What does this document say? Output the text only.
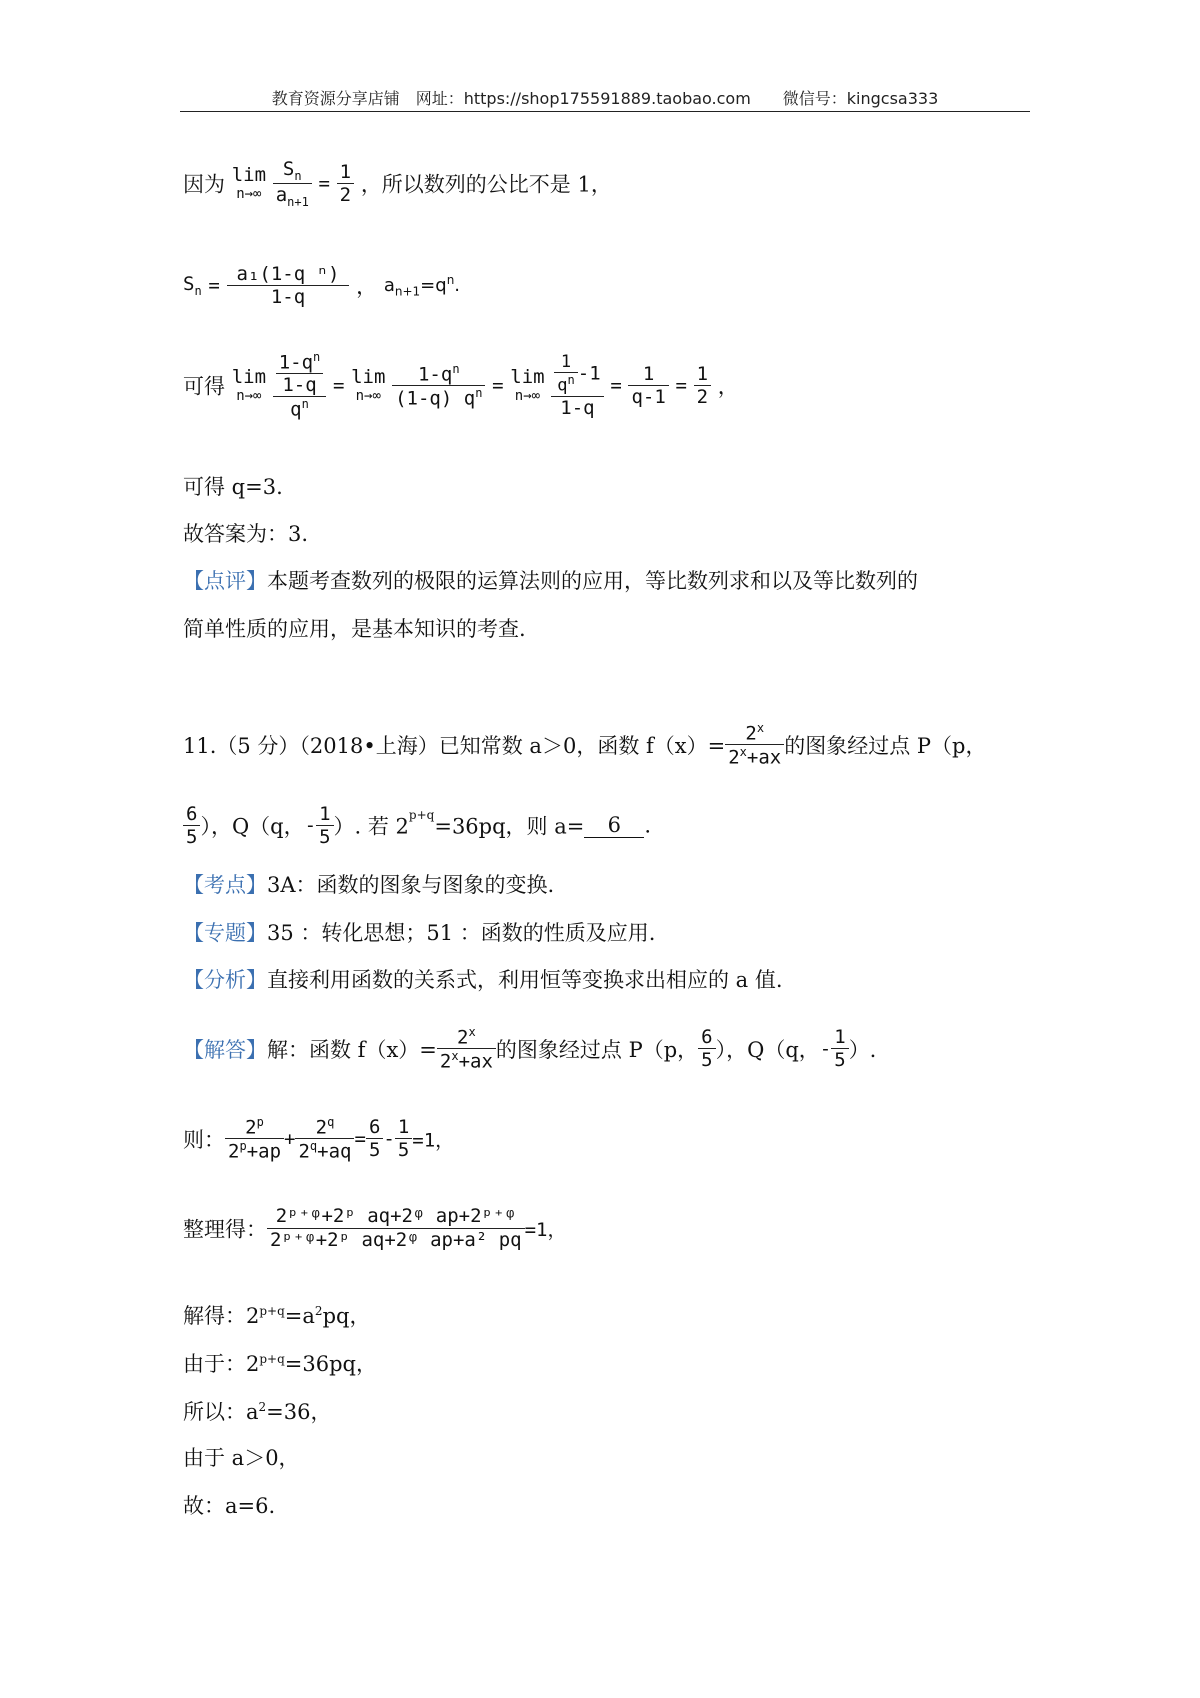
教育资源分享店铺　网址：https://shop175591889.taobao.com　　微信号：kingcsa333
因为 lim
n→∞
$\frac{S_n}{a_{n+1}} = \frac{1}{2}$ ，所以数列的公比不是 1，
$S_n = \frac{\text{a₁(1-q ⁿ)}}{1-q}$ ， $a_{n+1}=q^n$.
可得 lim
n→∞
$\frac{\frac{1-q^n}{1-q}}{q^n} = \lim$
n→∞
$\frac{1-q^n}{(1-q) q^n} = \lim$
n→∞
$\frac{\frac{1}{q^n} -1}{1-q} = \frac{1}{q-1} = \frac{1}{2}$ ，
可得 q=3.
故答案为：3.
【点评】本题考查数列的极限的运算法则的应用，等比数列求和以及等比数列的
简单性质的应用，是基本知识的考查.
11.（5 分）（2018•上海）已知常数 a＞0，函数 $f(x)= \frac{2^x}{2^x+ax}$ 的图象经过点 P（p，
$\frac{6}{5}$ ），Q（q，- $\frac{1}{5}$ ）. 若 $2^{p+q}=36pq$，则 a= 6 .
【考点】3A：函数的图象与图象的变换.
【专题】35 ：转化思想；51 ：函数的性质及应用.
【分析】直接利用函数的关系式，利用恒等变换求出相应的 a 值.
【解答】解：函数 $f(x)= \frac{2^x}{2^x+ax}$ 的图象经过点 P（p， $\frac{6}{5}$ ），Q（q，- $\frac{1}{5}$ ）.
则： $\frac{2^p}{2^p+ap} + \frac{2^q}{2^q+aq} = \frac{6}{5} - \frac{1}{5} =1$，
整理得： $\frac{\text{2ᵖ⁺ᵠ+2ᵖ aq+2ᵠ ap+2ᵖ⁺ᵠ}}{\text{2ᵖ⁺ᵠ+2ᵖ aq+2ᵠ ap+a² pq}} =1$，
解得：$2^{p+q}=a^2pq$，
由于：$2^{p+q}=36pq$，
所以：$a^2=36$，
由于 a＞0，
故：a=6.
